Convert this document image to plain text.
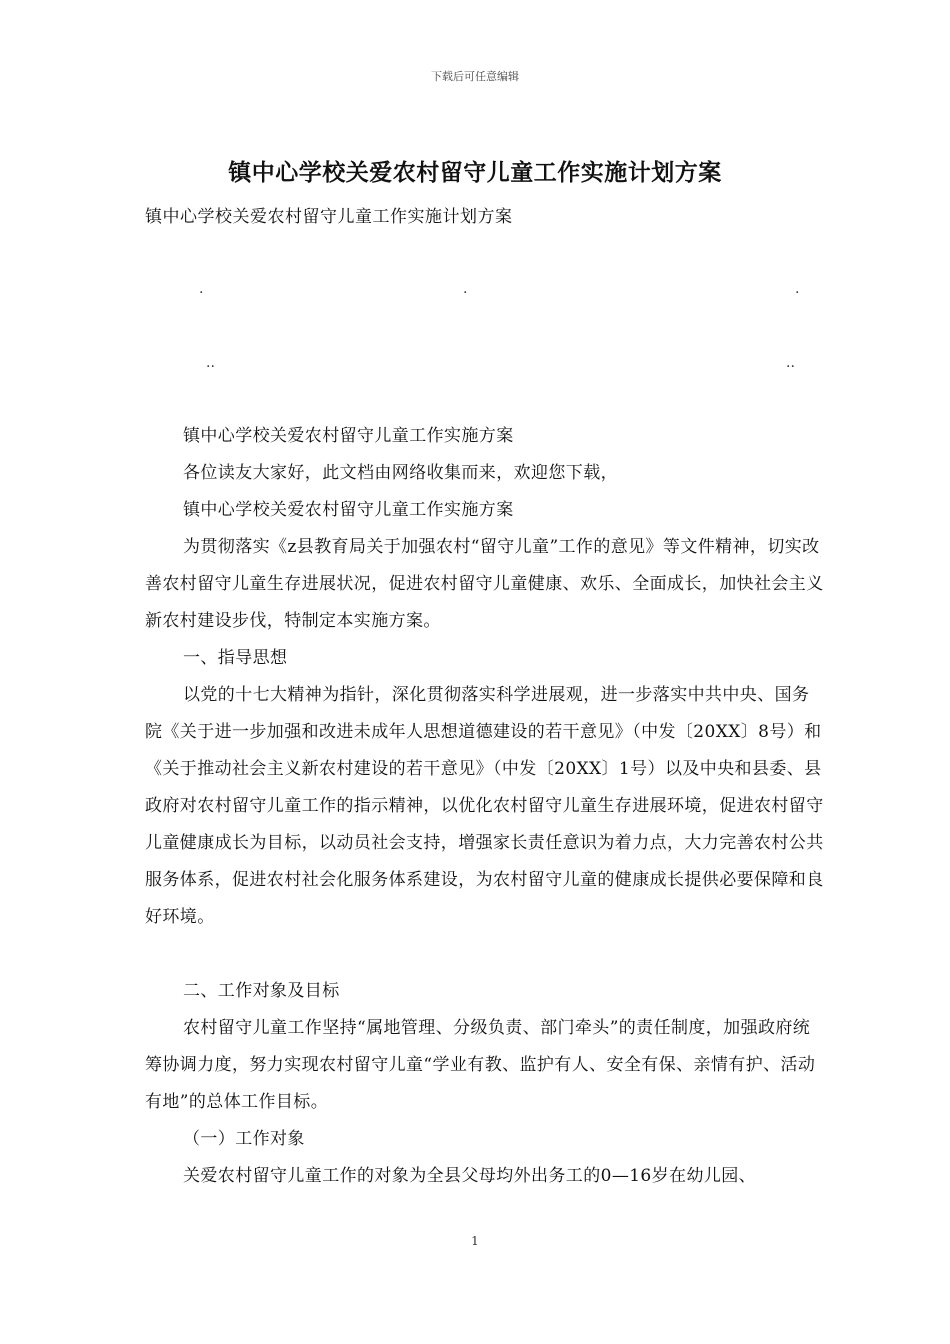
下载后可任意编辑
镇中心学校关爱农村留守儿童工作实施计划方案
镇中心学校关爱农村留守儿童工作实施计划方案
.	.	.
..	..

镇中心学校关爱农村留守儿童工作实施方案

各位读友大家好，此文档由网络收集而来，欢迎您下载，

镇中心学校关爱农村留守儿童工作实施方案

为贯彻落实《z县教育局关于加强农村“留守儿童”工作的意见》等文件精神，切实改善农村留守儿童生存进展状况，促进农村留守儿童健康、欢乐、全面成长，加快社会主义新农村建设步伐，特制定本实施方案。

一、指导思想

以党的十七大精神为指针，深化贯彻落实科学进展观，进一步落实中共中央、国务院《关于进一步加强和改进未成年人思想道德建设的若干意见》（中发〔20XX〕8号）和《关于推动社会主义新农村建设的若干意见》（中发〔20XX〕1号）以及中央和县委、县政府对农村留守儿童工作的指示精神，以优化农村留守儿童生存进展环境，促进农村留守儿童健康成长为目标，以动员社会支持，增强家长责任意识为着力点，大力完善农村公共服务体系，促进农村社会化服务体系建设，为农村留守儿童的健康成长提供必要保障和良好环境。

二、工作对象及目标

农村留守儿童工作坚持“属地管理、分级负责、部门牵头”的责任制度，加强政府统筹协调力度，努力实现农村留守儿童“学业有教、监护有人、安全有保、亲情有护、活动有地”的总体工作目标。

（一）工作对象

关爱农村留守儿童工作的对象为全县父母均外出务工的0—16岁在幼儿园、

1
